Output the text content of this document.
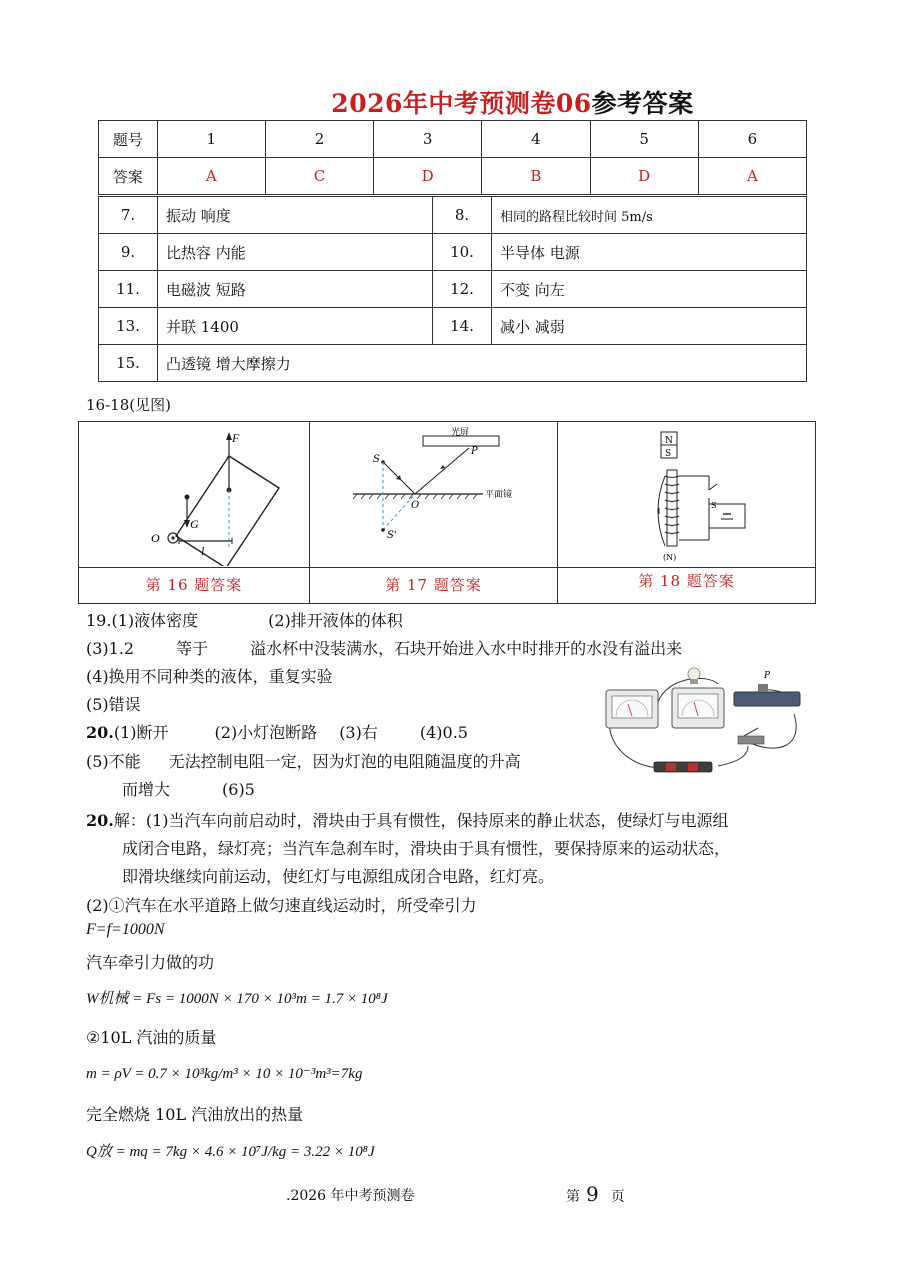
2026年中考预测卷06参考答案
题号	1	2	3	4	5	6
答案	A	C	D	B	D	A
7.	振动 响度	8.	相同的路程比较时间 5m/s
9.	比热容 内能	10.	半导体 电源
11.	电磁波 短路	12.	不变 向左
13.	并联 1400	14.	减小 减弱
15.	凸透镜 增大摩擦力		
16-18(见图)
F
G
O
l
光屏
平面镜
S
P
O
S'
N
S
S
(N)
第 16 题答案	第 17 题答案	第 18 题答案
19.(1)液体密度	(2)排开液体的体积
(3)1.2	等于	溢水杯中没装满水，石块开始进入水中时排开的水没有溢出来
(4)换用不同种类的液体，重复实验
(5)错误
20.(1)断开	(2)小灯泡断路 (3)右	(4)0.5
(5)不能 无法控制电阻一定，因为灯泡的电阻随温度的升高
而增大	(6)5
P
20.解：(1)当汽车向前启动时，滑块由于具有惯性，保持原来的静止状态，使绿灯与电源组
成闭合电路，绿灯亮；当汽车急刹车时，滑块由于具有惯性，要保持原来的运动状态，
即滑块继续向前运动，使红灯与电源组成闭合电路，红灯亮。
(2)①汽车在水平道路上做匀速直线运动时，所受牵引力
F=f=1000N
汽车牵引力做的功
W机械 = Fs = 1000N × 170 × 10³m = 1.7 × 10⁸J
②10L 汽油的质量
m = ρV = 0.7 × 10³kg/m³ × 10 × 10⁻³m³=7kg
完全燃烧 10L 汽油放出的热量
Q放 = mq = 7kg × 4.6 × 10⁷J/kg = 3.22 × 10⁸J
.2026 年中考预测卷	第 9 页
